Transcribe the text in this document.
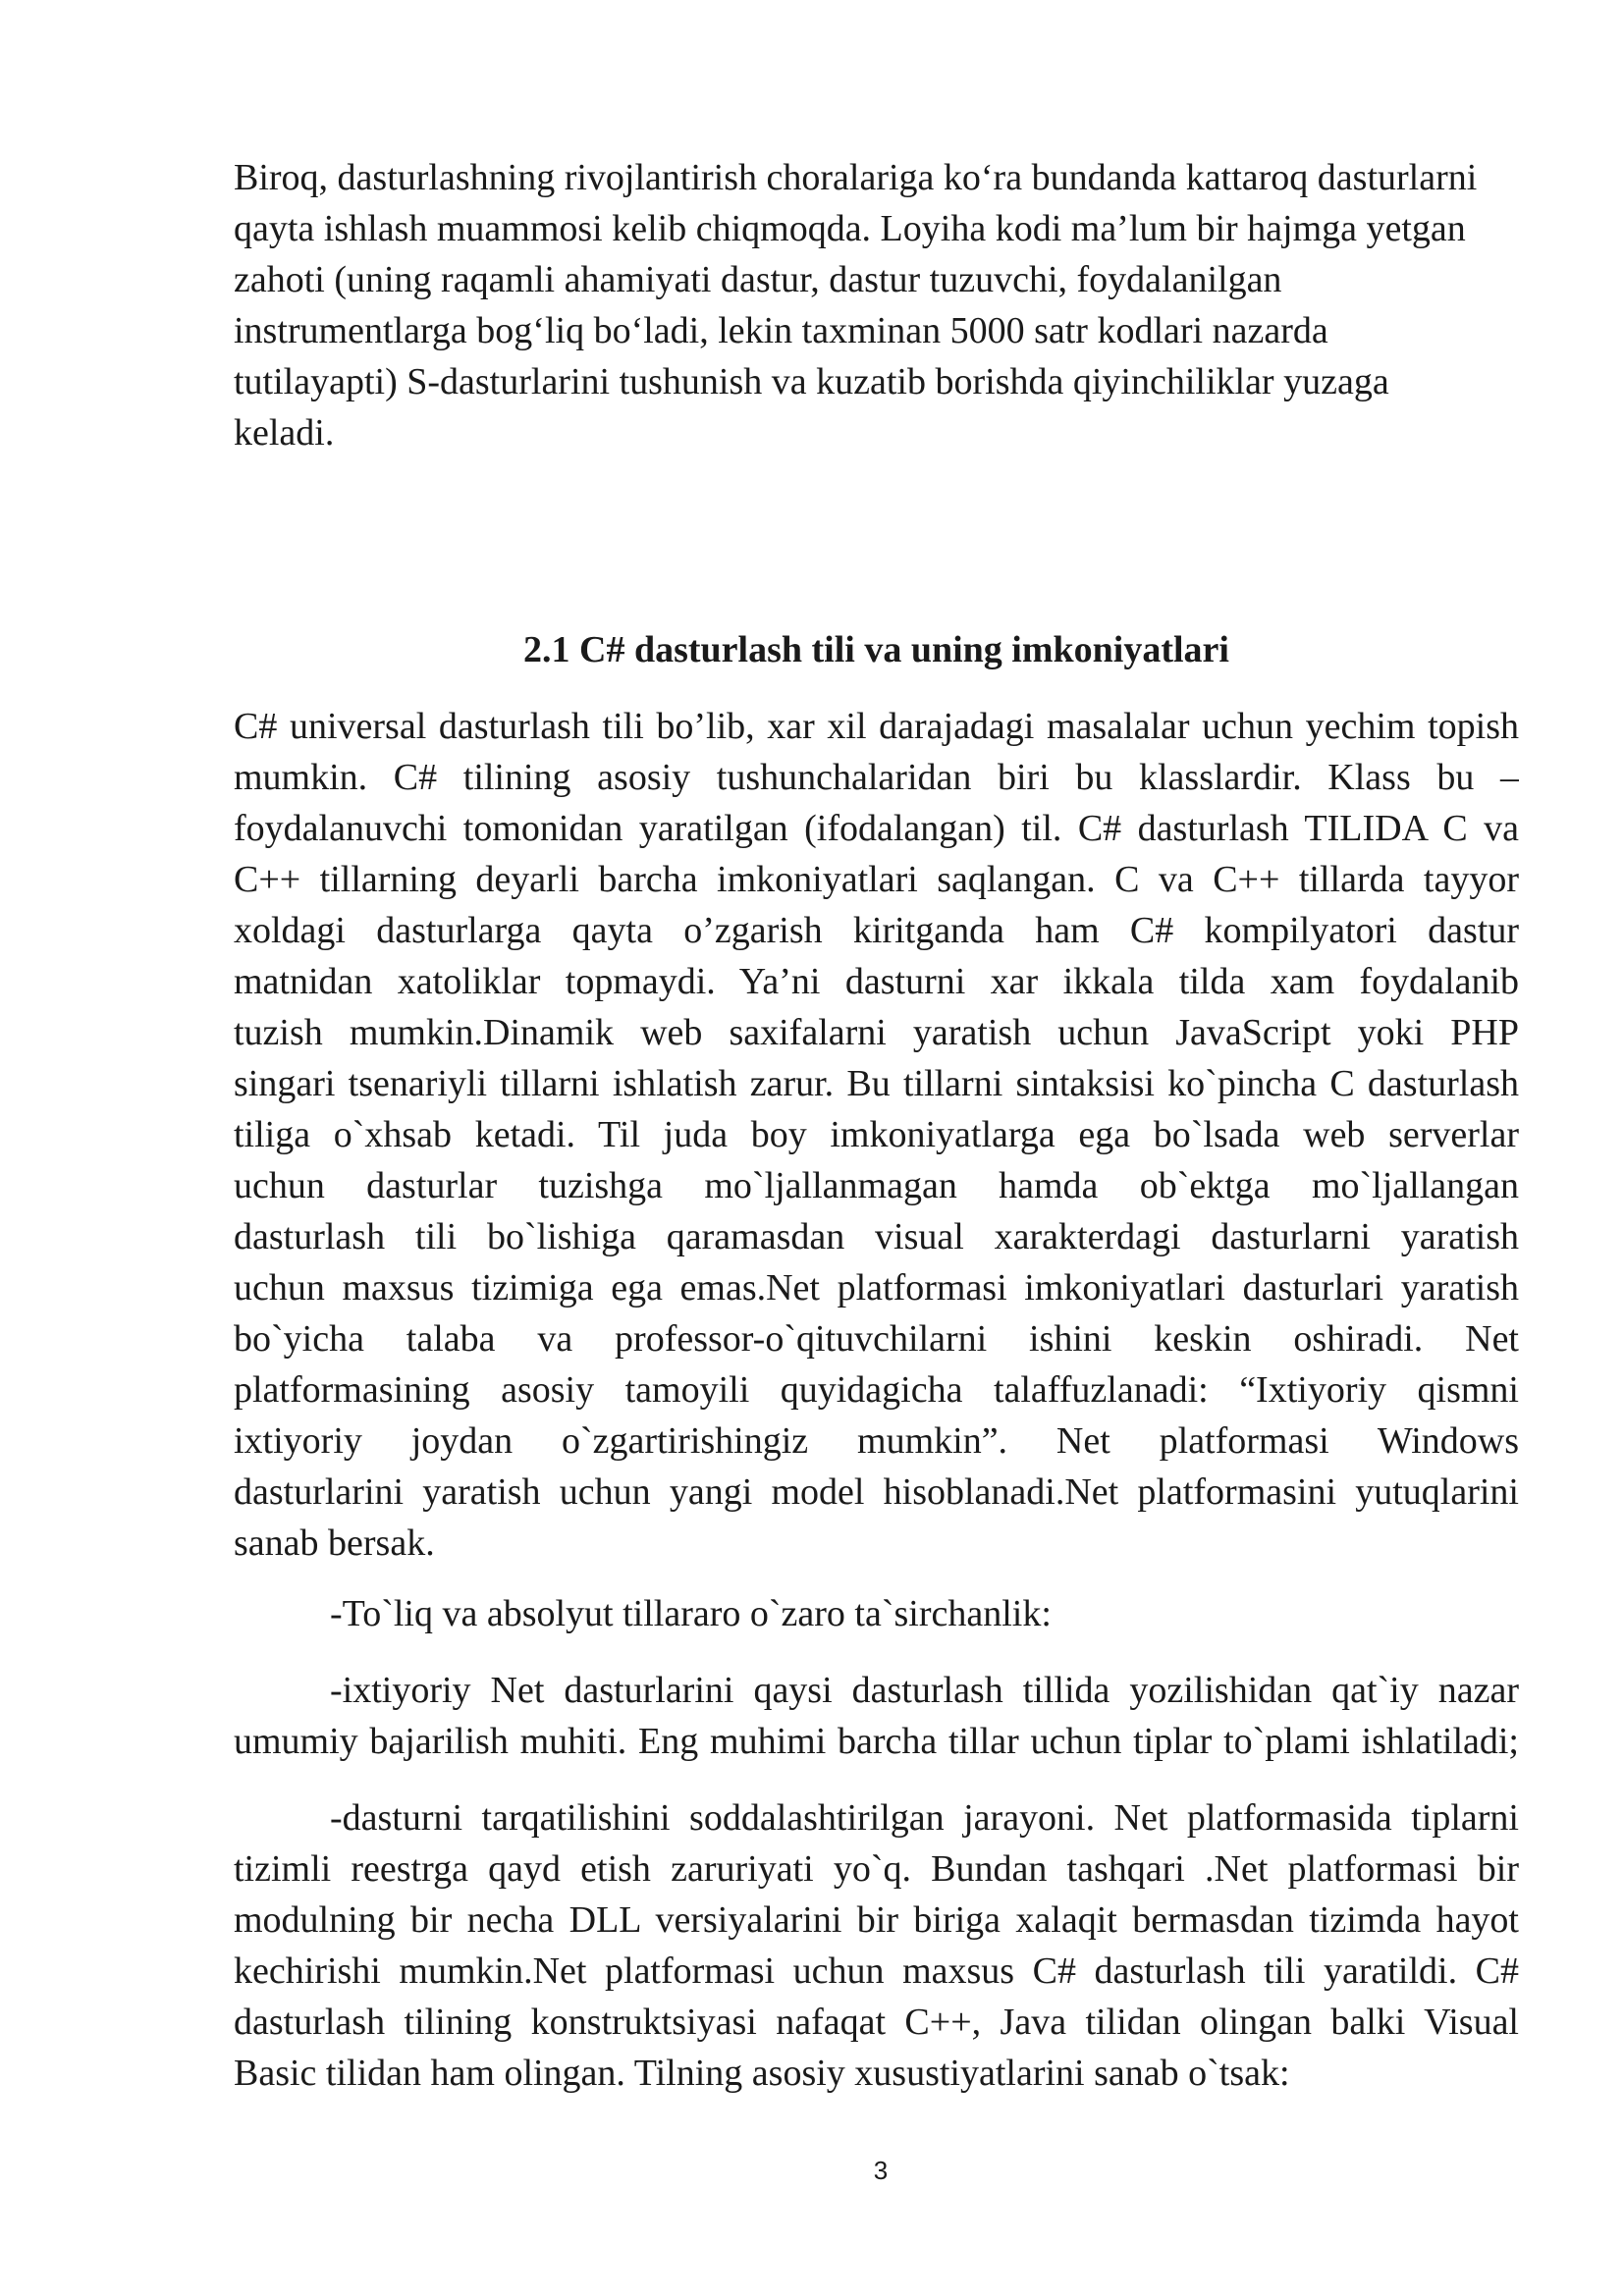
Biroq, dasturlashning rivojlantirish choralariga ko‘ra bundanda kattaroq dasturlarni
qayta ishlash muammosi kelib chiqmoqda. Loyiha kodi ma’lum bir hajmga yetgan
zahoti (uning raqamli ahamiyati dastur, dastur tuzuvchi, foydalanilgan
instrumentlarga bog‘liq bo‘ladi, lekin taxminan 5000 satr kodlari nazarda
tutilayapti) S-dasturlarini tushunish va kuzatib borishda qiyinchiliklar yuzaga
keladi.
2.1 C# dasturlash tili va uning imkoniyatlari
C# universal dasturlash tili bo’lib, xar xil darajadagi masalalar uchun yechim topish
mumkin. C# tilining asosiy tushunchalaridan biri bu klasslardir. Klass bu –
foydalanuvchi tomonidan yaratilgan (ifodalangan) til. C# dasturlash TILIDA C va
C++ tillarning deyarli barcha imkoniyatlari saqlangan. C va C++ tillarda tayyor
xoldagi dasturlarga qayta o’zgarish kiritganda ham C# kompilyatori dastur
matnidan xatoliklar topmaydi. Ya’ni dasturni xar ikkala tilda xam foydalanib
tuzish mumkin.Dinamik web saxifalarni yaratish uchun JavaScript yoki PHP
singari tsenariyli tillarni ishlatish zarur. Bu tillarni sintaksisi ko`pincha C dasturlash
tiliga o`xhsab ketadi. Til juda boy imkoniyatlarga ega bo`lsada web serverlar
uchun dasturlar tuzishga mo`ljallanmagan hamda ob`ektga mo`ljallangan
dasturlash tili bo`lishiga qaramasdan visual xarakterdagi dasturlarni yaratish
uchun maxsus tizimiga ega emas.Net platformasi imkoniyatlari dasturlari yaratish
bo`yicha talaba va professor-o`qituvchilarni ishini keskin oshiradi. Net
platformasining asosiy tamoyili quyidagicha talaffuzlanadi: “Ixtiyoriy qismni
ixtiyoriy joydan o`zgartirishingiz mumkin”. Net platformasi Windows
dasturlarini yaratish uchun yangi model hisoblanadi.Net platformasini yutuqlarini
sanab bersak.
-To`liq va absolyut tillararo o`zaro ta`sirchanlik:
-ixtiyoriy Net dasturlarini qaysi dasturlash tillida yozilishidan qat`iy nazar
umumiy bajarilish muhiti. Eng muhimi barcha tillar uchun tiplar to`plami ishlatiladi;
-dasturni tarqatilishini soddalashtirilgan jarayoni. Net platformasida tiplarni
tizimli reestrga qayd etish zaruriyati yo`q. Bundan tashqari .Net platformasi bir
modulning bir necha DLL versiyalarini bir biriga xalaqit bermasdan tizimda hayot
kechirishi mumkin.Net platformasi uchun maxsus C# dasturlash tili yaratildi. C#
dasturlash tilining konstruktsiyasi nafaqat C++, Java tilidan olingan balki Visual
Basic tilidan ham olingan. Tilning asosiy xusustiyatlarini sanab o`tsak:
3
